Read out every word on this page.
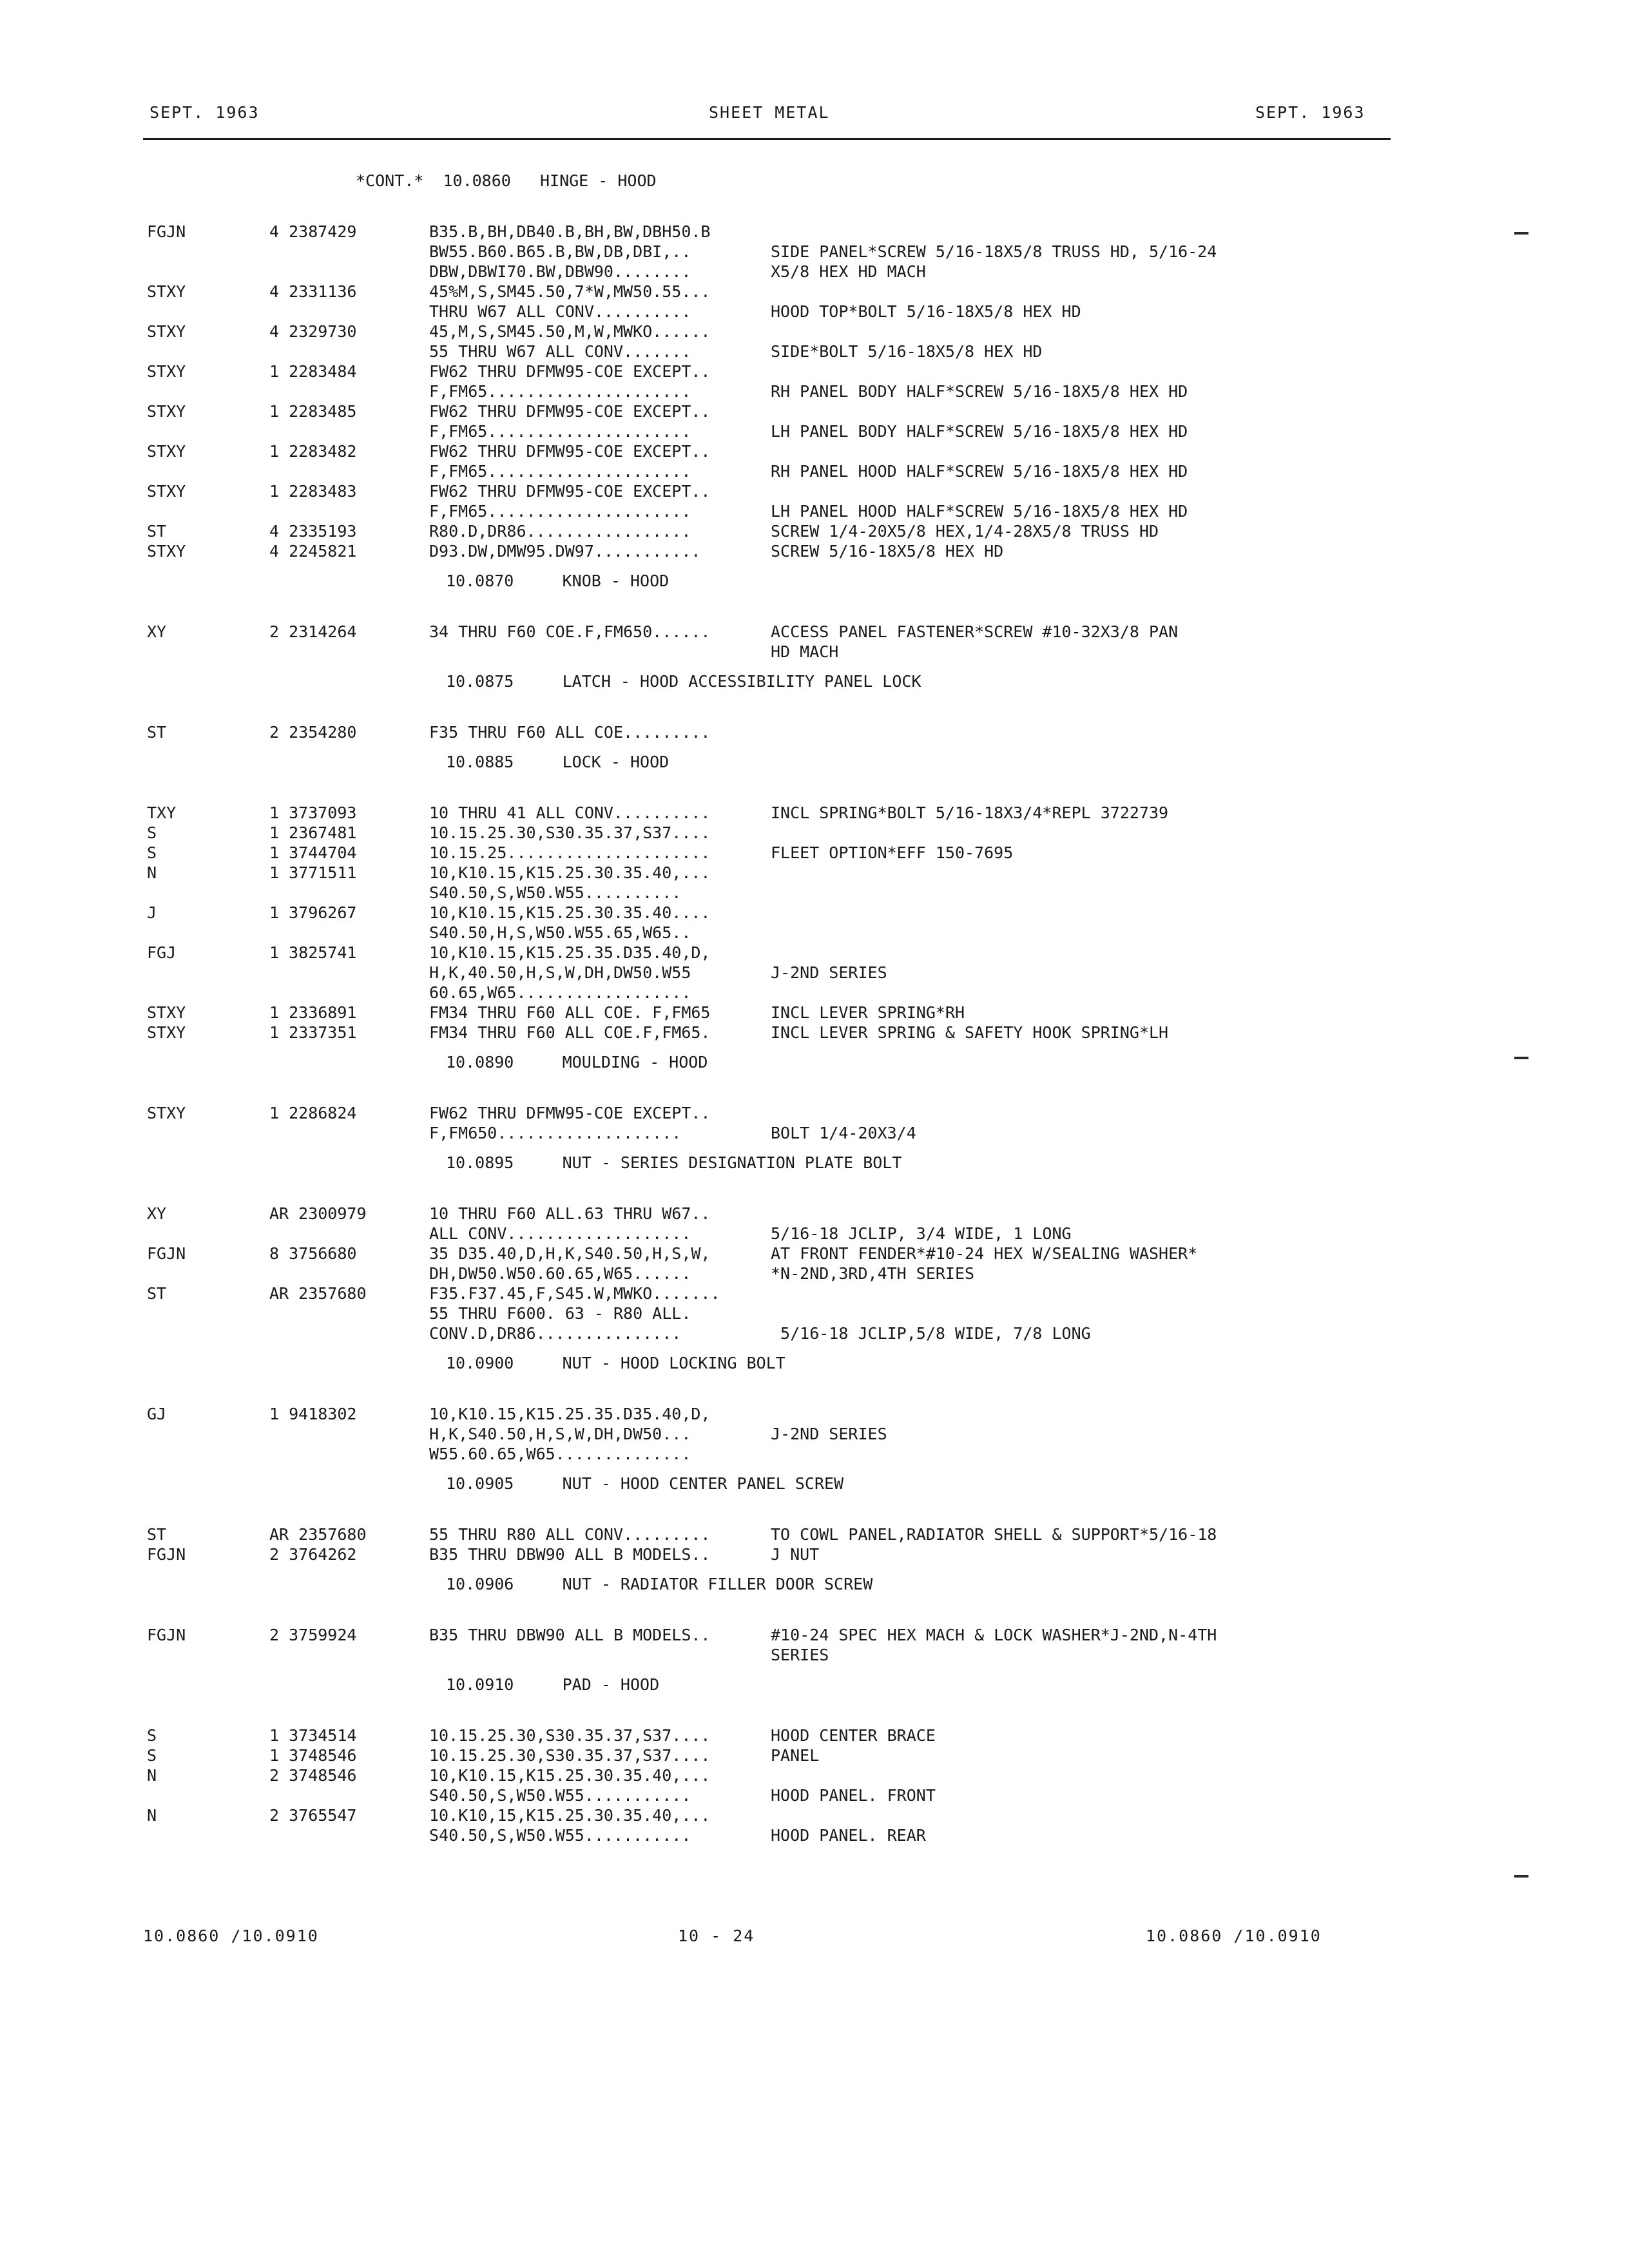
SEPT. 1963	SHEET METAL	SEPT. 1963

*CONT.*  10.0860   HINGE - HOOD

FGJN	4 2387429	B35.B,BH,DB40.B,BH,BW,DBH50.B
BW55.B60.B65.B,BW,DB,DBI,..	SIDE PANEL*SCREW 5/16-18X5/8 TRUSS HD, 5/16-24
DBW,DBWI70.BW,DBW90........	X5/8 HEX HD MACH
STXY	4 2331136	45%M,S,SM45.50,7*W,MW50.55...
THRU W67 ALL CONV..........	HOOD TOP*BOLT 5/16-18X5/8 HEX HD
STXY	4 2329730	45,M,S,SM45.50,M,W,MWKO......
55 THRU W67 ALL CONV.......	SIDE*BOLT 5/16-18X5/8 HEX HD
STXY	1 2283484	FW62 THRU DFMW95-COE EXCEPT..
F,FM65.....................	RH PANEL BODY HALF*SCREW 5/16-18X5/8 HEX HD
STXY	1 2283485	FW62 THRU DFMW95-COE EXCEPT..
F,FM65.....................	LH PANEL BODY HALF*SCREW 5/16-18X5/8 HEX HD
STXY	1 2283482	FW62 THRU DFMW95-COE EXCEPT..
F,FM65.....................	RH PANEL HOOD HALF*SCREW 5/16-18X5/8 HEX HD
STXY	1 2283483	FW62 THRU DFMW95-COE EXCEPT..
F,FM65.....................	LH PANEL HOOD HALF*SCREW 5/16-18X5/8 HEX HD
ST	4 2335193	R80.D,DR86.................	SCREW 1/4-20X5/8 HEX,1/4-28X5/8 TRUSS HD
STXY	4 2245821	D93.DW,DMW95.DW97...........	SCREW 5/16-18X5/8 HEX HD
10.0870     KNOB - HOOD
XY	2 2314264	34 THRU F60 COE.F,FM650......	ACCESS PANEL FASTENER*SCREW #10-32X3/8 PAN
HD MACH
10.0875     LATCH - HOOD ACCESSIBILITY PANEL LOCK
ST	2 2354280	F35 THRU F60 ALL COE.........
10.0885     LOCK - HOOD
TXY	1 3737093	10 THRU 41 ALL CONV..........	INCL SPRING*BOLT 5/16-18X3/4*REPL 3722739
S	1 2367481	10.15.25.30,S30.35.37,S37....
S	1 3744704	10.15.25.....................	FLEET OPTION*EFF 150-7695
N	1 3771511	10,K10.15,K15.25.30.35.40,...
S40.50,S,W50.W55..........
J	1 3796267	10,K10.15,K15.25.30.35.40....
S40.50,H,S,W50.W55.65,W65..
FGJ	1 3825741	10,K10.15,K15.25.35.D35.40,D,
H,K,40.50,H,S,W,DH,DW50.W55	J-2ND SERIES
60.65,W65..................
STXY	1 2336891	FM34 THRU F60 ALL COE. F,FM65	INCL LEVER SPRING*RH
STXY	1 2337351	FM34 THRU F60 ALL COE.F,FM65.	INCL LEVER SPRING & SAFETY HOOK SPRING*LH
10.0890     MOULDING - HOOD
STXY	1 2286824	FW62 THRU DFMW95-COE EXCEPT..
F,FM650...................	BOLT 1/4-20X3/4
10.0895     NUT - SERIES DESIGNATION PLATE BOLT
XY	AR 2300979	10 THRU F60 ALL.63 THRU W67..
ALL CONV...................	5/16-18 JCLIP, 3/4 WIDE, 1 LONG
FGJN	8 3756680	35 D35.40,D,H,K,S40.50,H,S,W,	AT FRONT FENDER*#10-24 HEX W/SEALING WASHER*
DH,DW50.W50.60.65,W65......	*N-2ND,3RD,4TH SERIES
ST	AR 2357680	F35.F37.45,F,S45.W,MWKO.......
55 THRU F600. 63 - R80 ALL.
CONV.D,DR86...............	5/16-18 JCLIP,5/8 WIDE, 7/8 LONG
10.0900     NUT - HOOD LOCKING BOLT
GJ	1 9418302	10,K10.15,K15.25.35.D35.40,D,
H,K,S40.50,H,S,W,DH,DW50...	J-2ND SERIES
W55.60.65,W65..............
10.0905     NUT - HOOD CENTER PANEL SCREW
ST	AR 2357680	55 THRU R80 ALL CONV.........	TO COWL PANEL,RADIATOR SHELL & SUPPORT*5/16-18
FGJN	2 3764262	B35 THRU DBW90 ALL B MODELS..	J NUT
10.0906     NUT - RADIATOR FILLER DOOR SCREW
FGJN	2 3759924	B35 THRU DBW90 ALL B MODELS..	#10-24 SPEC HEX MACH & LOCK WASHER*J-2ND,N-4TH
SERIES
10.0910     PAD - HOOD
S	1 3734514	10.15.25.30,S30.35.37,S37....	HOOD CENTER BRACE
S	1 3748546	10.15.25.30,S30.35.37,S37....	PANEL
N	2 3748546	10,K10.15,K15.25.30.35.40,...
S40.50,S,W50.W55...........	HOOD PANEL. FRONT
N	2 3765547	10.K10,15,K15.25.30.35.40,...
S40.50,S,W50.W55...........	HOOD PANEL. REAR
10.0860 /10.0910	10 - 24	10.0860 /10.0910
